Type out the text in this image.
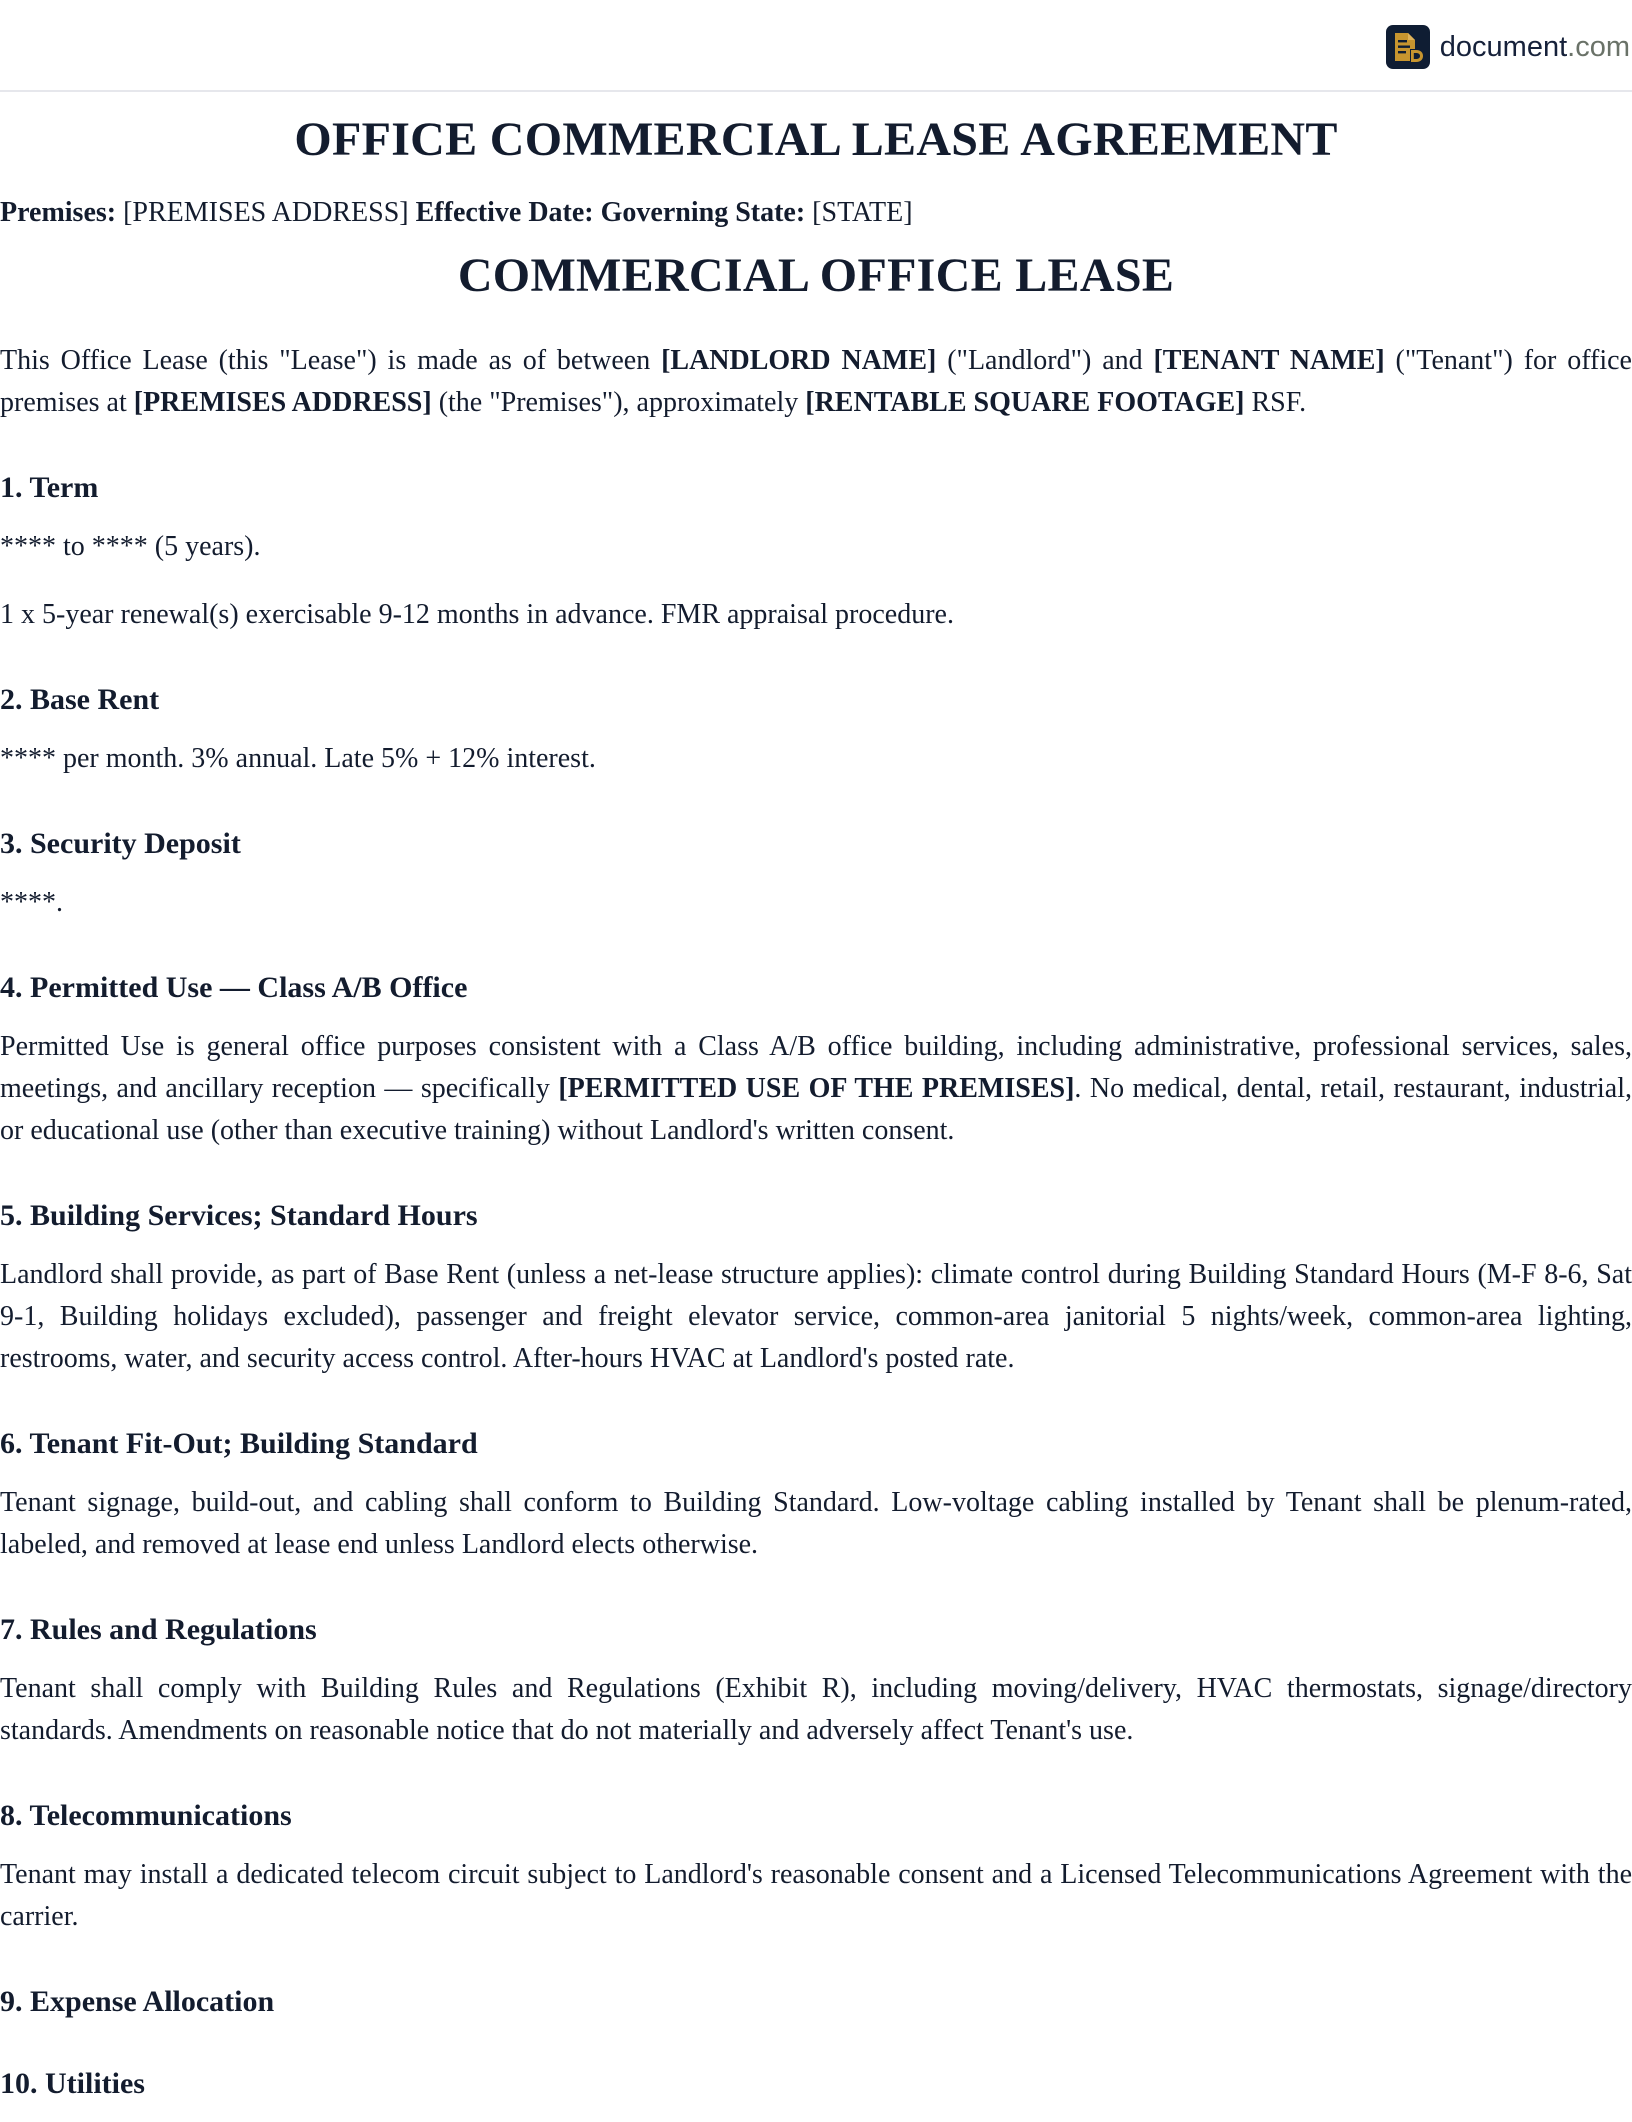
document.com
OFFICE COMMERCIAL LEASE AGREEMENT
Premises: [PREMISES ADDRESS] Effective Date: Governing State: [STATE]
COMMERCIAL OFFICE LEASE

This Office Lease (this "Lease") is made as of between [LANDLORD NAME] ("Landlord") and [TENANT NAME] ("Tenant") for office premises at [PREMISES ADDRESS] (the "Premises"), approximately [RENTABLE SQUARE FOOTAGE] RSF.

1. Term

**** to **** (5 years).

1 x 5-year renewal(s) exercisable 9-12 months in advance. FMR appraisal procedure.

2. Base Rent

**** per month. 3% annual. Late 5% + 12% interest.

3. Security Deposit

****.

4. Permitted Use — Class A/B Office

Permitted Use is general office purposes consistent with a Class A/B office building, including administrative, professional services, sales, meetings, and ancillary reception — specifically [PERMITTED USE OF THE PREMISES]. No medical, dental, retail, restaurant, industrial, or educational use (other than executive training) without Landlord's written consent.

5. Building Services; Standard Hours

Landlord shall provide, as part of Base Rent (unless a net-lease structure applies): climate control during Building Standard Hours (M-F 8-6, Sat 9-1, Building holidays excluded), passenger and freight elevator service, common-area janitorial 5 nights/week, common-area lighting, restrooms, water, and security access control. After-hours HVAC at Landlord's posted rate.

6. Tenant Fit-Out; Building Standard

Tenant signage, build-out, and cabling shall conform to Building Standard. Low-voltage cabling installed by Tenant shall be plenum-rated, labeled, and removed at lease end unless Landlord elects otherwise.

7. Rules and Regulations

Tenant shall comply with Building Rules and Regulations (Exhibit R), including moving/delivery, HVAC thermostats, signage/directory standards. Amendments on reasonable notice that do not materially and adversely affect Tenant's use.

8. Telecommunications

Tenant may install a dedicated telecom circuit subject to Landlord's reasonable consent and a Licensed Telecommunications Agreement with the carrier.

9. Expense Allocation
10. Utilities
